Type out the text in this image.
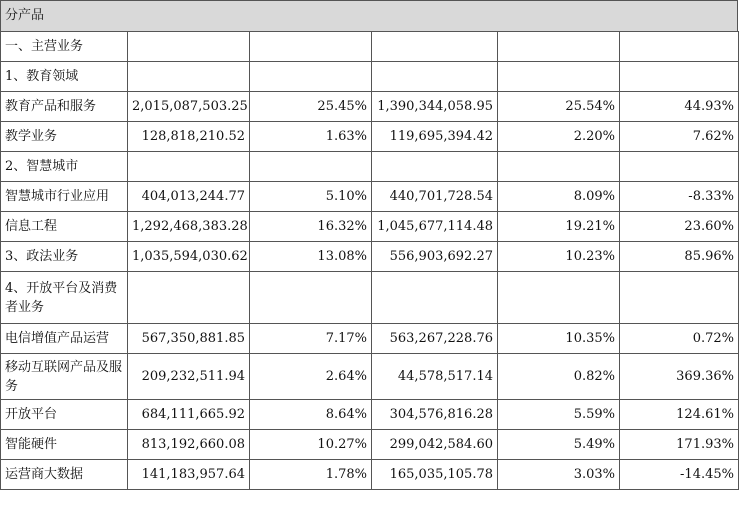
分产品
一、主营业务					
1、教育领域					
教育产品和服务	2,015,087,503.25	25.45%	1,390,344,058.95	25.54%	44.93%
教学业务	128,818,210.52	1.63%	119,695,394.42	2.20%	7.62%
2、智慧城市					
智慧城市行业应用	404,013,244.77	5.10%	440,701,728.54	8.09%	-8.33%
信息工程	1,292,468,383.28	16.32%	1,045,677,114.48	19.21%	23.60%
3、政法业务	1,035,594,030.62	13.08%	556,903,692.27	10.23%	85.96%
4、开放平台及消费者业务					
电信增值产品运营	567,350,881.85	7.17%	563,267,228.76	10.35%	0.72%
移动互联网产品及服务	209,232,511.94	2.64%	44,578,517.14	0.82%	369.36%
开放平台	684,111,665.92	8.64%	304,576,816.28	5.59%	124.61%
智能硬件	813,192,660.08	10.27%	299,042,584.60	5.49%	171.93%
运营商大数据	141,183,957.64	1.78%	165,035,105.78	3.03%	-14.45%
